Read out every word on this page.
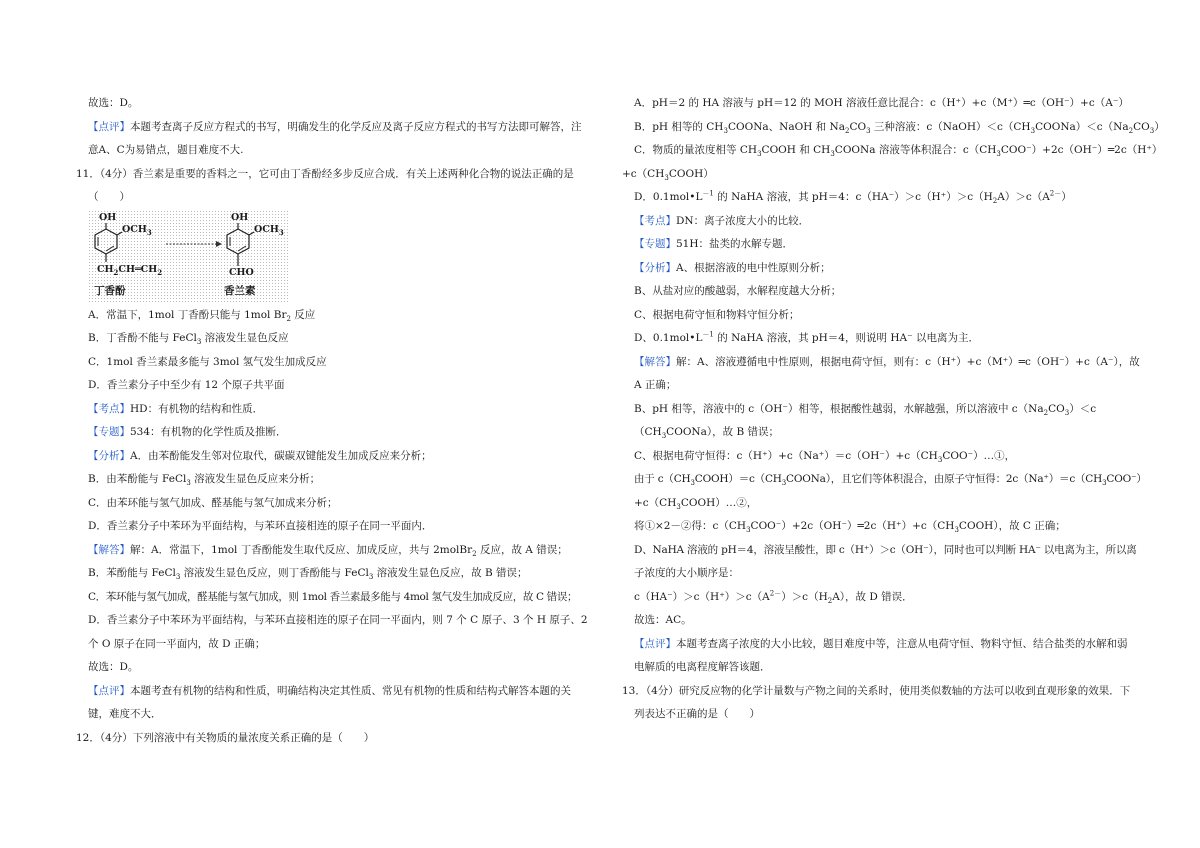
故选：D。
【点评】本题考查离子反应方程式的书写，明确发生的化学反应及离子反应方程式的书写方法即可解答，注
意A、C为易错点，题目难度不大.
11．（4分）香兰素是重要的香料之一，它可由丁香酚经多步反应合成．有关上述两种化合物的说法正确的是
（　　）
OH
$OCH_3$
$CH_2CH═CH_2$
丁香酚
OH
$OCH_3$
CHO
香兰素
A．常温下，1mol 丁香酚只能与 1mol $Br_2$ 反应
B．丁香酚不能与 FeCl$_3$ 溶液发生显色反应
C．1mol 香兰素最多能与 3mol 氢气发生加成反应
D．香兰素分子中至少有 12 个原子共平面
【考点】HD：有机物的结构和性质．
【专题】534：有机物的化学性质及推断．
【分析】A．由苯酚能发生邻对位取代，碳碳双键能发生加成反应来分析；
B．由苯酚能与 FeCl$_3$ 溶液发生显色反应来分析；
C．由苯环能与氢气加成、醛基能与氢气加成来分析；
D．香兰素分子中苯环为平面结构，与苯环直接相连的原子在同一平面内．
【解答】解：A．常温下，1mol 丁香酚能发生取代反应、加成反应，共与 2molBr$_2$ 反应，故 A 错误；
B．苯酚能与 FeCl$_3$ 溶液发生显色反应，则丁香酚能与 FeCl$_3$ 溶液发生显色反应，故 B 错误；
C．苯环能与氢气加成，醛基能与氢气加成，则 1mol 香兰素最多能与 4mol 氢气发生加成反应，故 C 错误；
D．香兰素分子中苯环为平面结构，与苯环直接相连的原子在同一平面内，则 7 个 C 原子、3 个 H 原子、2
个 O 原子在同一平面内，故 D 正确；
故选：D。
【点评】本题考查有机物的结构和性质，明确结构决定其性质、常见有机物的性质和结构式解答本题的关
键，难度不大．
12．（4分）下列溶液中有关物质的量浓度关系正确的是（　　）
A．pH＝2 的 HA 溶液与 pH＝12 的 MOH 溶液任意比混合：c（H⁺）+c（M⁺）═c（OH⁻）+c（A⁻）
B．pH 相等的 $CH_3COONa$、NaOH 和 $Na_2CO_3$ 三种溶液：$c(NaOH)<c(CH_3COONa)<c(Na_2CO_3)$
C．物质的量浓度相等 $CH_3COOH$ 和 $CH_3COONa$ 溶液等体积混合：$c(CH_3COO^-)+2c(OH^-)═2c(H^+)$
$+c(CH_3COOH)$
D．$0.1mol•L^{-1}$ 的 NaHA 溶液，其 pH＝4：$c(HA^-)>c(H^+)>c(H_2A)>c(A^{2-})$
【考点】DN：离子浓度大小的比较．
【专题】51H：盐类的水解专题．
【分析】A、根据溶液的电中性原则分析；
B、从盐对应的酸越弱，水解程度越大分析；
C、根据电荷守恒和物料守恒分析；
D、$0.1mol•L^{-1}$ 的 NaHA 溶液，其 pH＝4，则说明 HA⁻ 以电离为主．
【解答】解：A、溶液遵循电中性原则，根据电荷守恒，则有：c（H⁺）+c（M⁺）═c（OH⁻）+c（A⁻），故
A 正确；
B、pH 相等，溶液中的 c（OH⁻）相等，根据酸性越弱，水解越强，所以溶液中 $c(Na_2CO_3)<c$
$(CH_3COONa)$，故 B 错误；
C、根据电荷守恒得：$c(H^+)+c(Na^+)=c(OH^-)+c(CH_3COO^-)\dots ①$，
由于 $c(CH_3COOH)=c(CH_3COONa)$，且它们等体积混合，由原子守恒得：$2c(Na^+)=c(CH_3COO^-)$
$+c(CH_3COOH)\dots ②$，
将①×2－②得：$c(CH_3COO^-)+2c(OH^-)═2c(H^+)+c(CH_3COOH)$，故 C 正确；
D、NaHA 溶液的 pH＝4，溶液呈酸性，即 c（H⁺）＞c（OH⁻），同时也可以判断 HA⁻ 以电离为主，所以离
子浓度的大小顺序是：
$c(HA^-)>c(H^+)>c(A^{2-})>c(H_2A)$，故 D 错误．
故选：AC。
【点评】本题考查离子浓度的大小比较，题目难度中等，注意从电荷守恒、物料守恒、结合盐类的水解和弱
电解质的电离程度解答该题．
13．（4分）研究反应物的化学计量数与产物之间的关系时，使用类似数轴的方法可以收到直观形象的效果．下
列表达不正确的是（　　）
